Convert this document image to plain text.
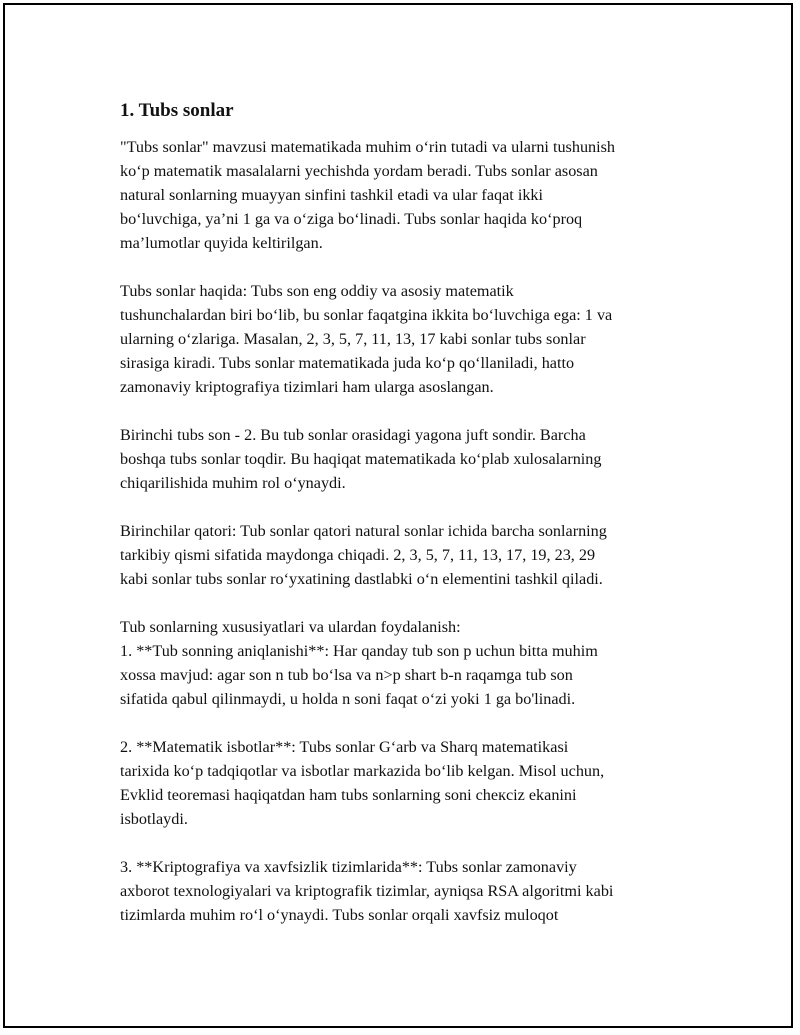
1. Tubs sonlar
"Tubs sonlar" mavzusi matematikada muhim o‘rin tutadi va ularni tushunish
ko‘p matematik masalalarni yechishda yordam beradi. Tubs sonlar asosan
natural sonlarning muayyan sinfini tashkil etadi va ular faqat ikki
bo‘luvchiga, ya’ni 1 ga va o‘ziga bo‘linadi. Tubs sonlar haqida ko‘proq
ma’lumotlar quyida keltirilgan.
Tubs sonlar haqida: Tubs son eng oddiy va asosiy matematik
tushunchalardan biri bo‘lib, bu sonlar faqatgina ikkita bo‘luvchiga ega: 1 va
ularning o‘zlariga. Masalan, 2, 3, 5, 7, 11, 13, 17 kabi sonlar tubs sonlar
sirasiga kiradi. Tubs sonlar matematikada juda ko‘p qo‘llaniladi, hatto
zamonaviy kriptografiya tizimlari ham ularga asoslangan.
Birinchi tubs son - 2. Bu tub sonlar orasidagi yagona juft sondir. Barcha
boshqa tubs sonlar toqdir. Bu haqiqat matematikada ko‘plab xulosalarning
chiqarilishida muhim rol o‘ynaydi.
Birinchilar qatori: Tub sonlar qatori natural sonlar ichida barcha sonlarning
tarkibiy qismi sifatida maydonga chiqadi. 2, 3, 5, 7, 11, 13, 17, 19, 23, 29
kabi sonlar tubs sonlar ro‘yxatining dastlabki o‘n elementini tashkil qiladi.
Tub sonlarning xususiyatlari va ulardan foydalanish:
1. **Tub sonning aniqlanishi**: Har qanday tub son p uchun bitta muhim
xossa mavjud: agar son n tub bo‘lsa va n>p shart b-n raqamga tub son
sifatida qabul qilinmaydi, u holda n soni faqat o‘zi yoki 1 ga bo'linadi.
2. **Matematik isbotlar**: Tubs sonlar G‘arb va Sharq matematikasi
tarixida ko‘p tadqiqotlar va isbotlar markazida bo‘lib kelgan. Misol uchun,
Evklid teoremasi haqiqatdan ham tubs sonlarning soni cheкciz ekanini
isbotlaydi.
3. **Kriptografiya va xavfsizlik tizimlarida**: Tubs sonlar zamonaviy
axborot texnologiyalari va kriptografik tizimlar, ayniqsa RSA algoritmi kabi
tizimlarda muhim ro‘l o‘ynaydi. Tubs sonlar orqali xavfsiz muloqot
